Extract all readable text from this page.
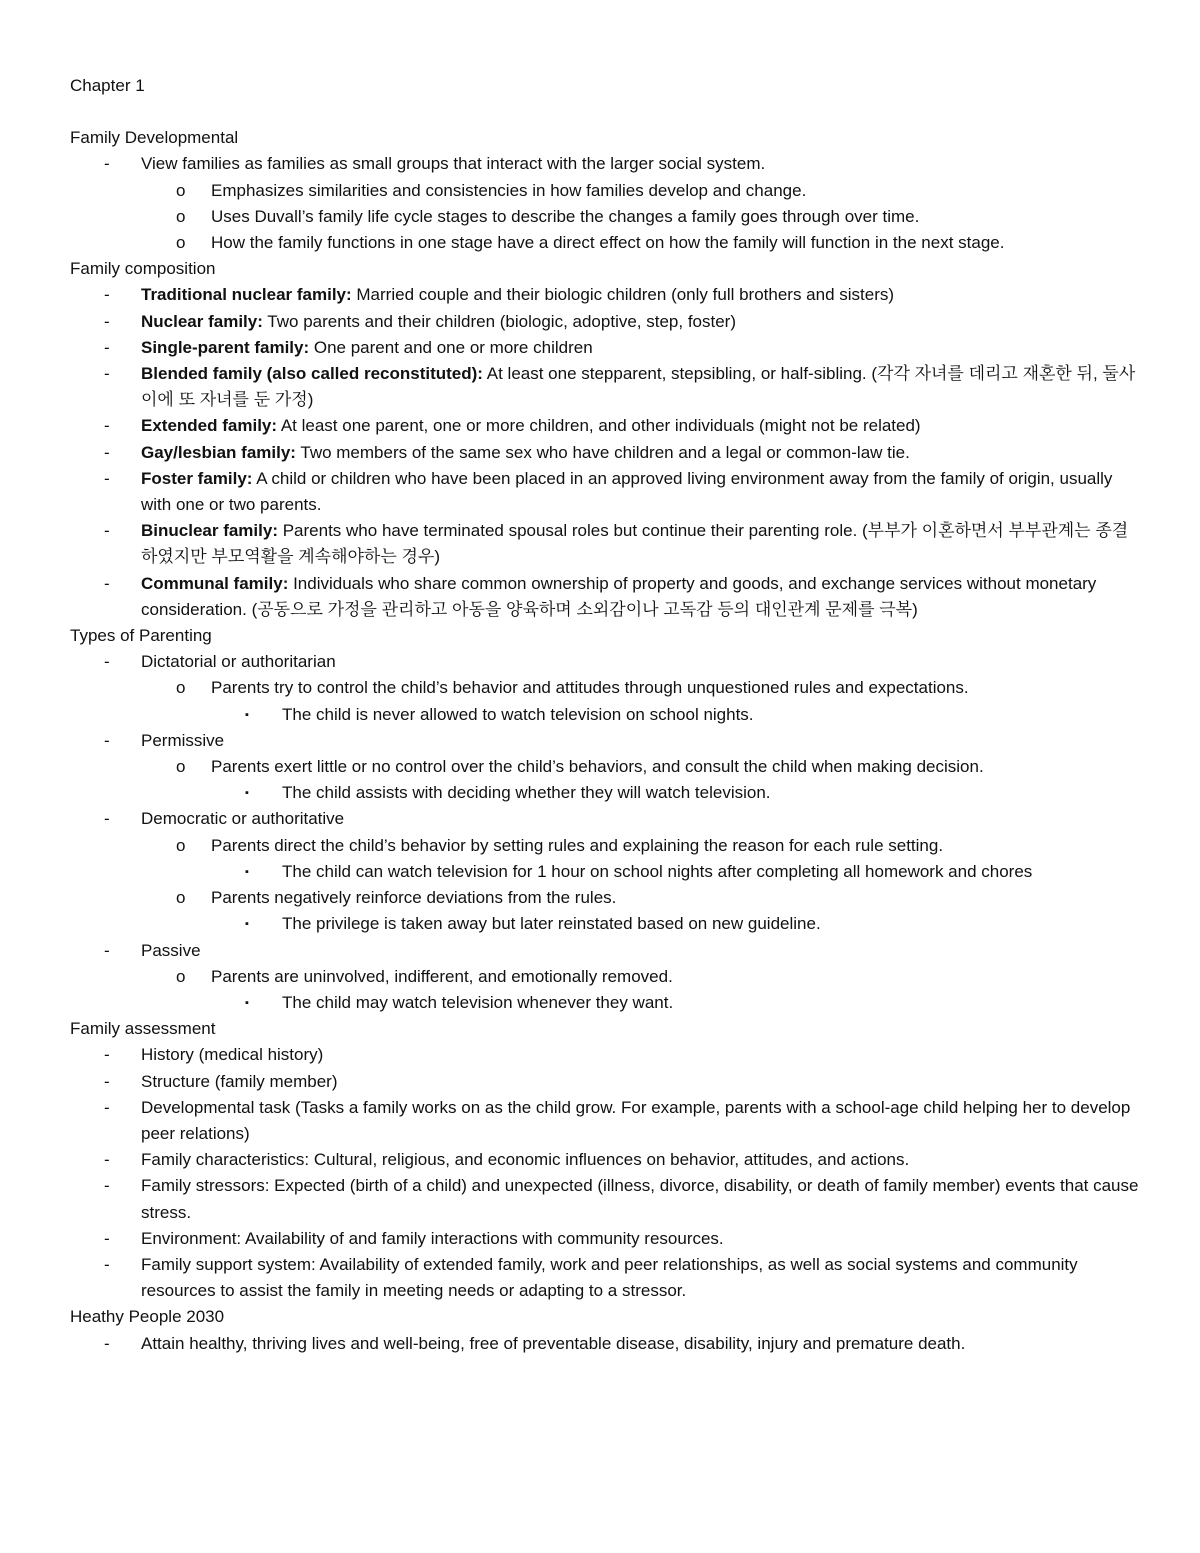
Chapter 1
Family Developmental
- View families as families as small groups that interact with the larger social system.
o Emphasizes similarities and consistencies in how families develop and change.
o Uses Duvall’s family life cycle stages to describe the changes a family goes through over time.
o How the family functions in one stage have a direct effect on how the family will function in the next stage.
Family composition
- Traditional nuclear family: Married couple and their biologic children (only full brothers and sisters)
- Nuclear family: Two parents and their children (biologic, adoptive, step, foster)
- Single-parent family: One parent and one or more children
- Blended family (also called reconstituted): At least one stepparent, stepsibling, or half-sibling. (각각 자녀를 데리고 재혼한 뒤, 둘사이에 또 자녀를 둔 가정)
- Extended family: At least one parent, one or more children, and other individuals (might not be related)
- Gay/lesbian family: Two members of the same sex who have children and a legal or common-law tie.
- Foster family: A child or children who have been placed in an approved living environment away from the family of origin, usually with one or two parents.
- Binuclear family: Parents who have terminated spousal roles but continue their parenting role. (부부가 이혼하면서 부부관계는 종결하였지만 부모역활을 계속해야하는 경우)
- Communal family: Individuals who share common ownership of property and goods, and exchange services without monetary consideration. (공동으로 가정을 관리하고 아동을 양육하며 소외감이나 고독감 등의 대인관계 문제를 극복)
Types of Parenting
- Dictatorial or authoritarian
o Parents try to control the child’s behavior and attitudes through unquestioned rules and expectations.
▪ The child is never allowed to watch television on school nights.
- Permissive
o Parents exert little or no control over the child’s behaviors, and consult the child when making decision.
▪ The child assists with deciding whether they will watch television.
- Democratic or authoritative
o Parents direct the child’s behavior by setting rules and explaining the reason for each rule setting.
▪ The child can watch television for 1 hour on school nights after completing all homework and chores
o Parents negatively reinforce deviations from the rules.
▪ The privilege is taken away but later reinstated based on new guideline.
- Passive
o Parents are uninvolved, indifferent, and emotionally removed.
▪ The child may watch television whenever they want.
Family assessment
- History (medical history)
- Structure (family member)
- Developmental task (Tasks a family works on as the child grow. For example, parents with a school-age child helping her to develop peer relations)
- Family characteristics: Cultural, religious, and economic influences on behavior, attitudes, and actions.
- Family stressors: Expected (birth of a child) and unexpected (illness, divorce, disability, or death of family member) events that cause stress.
- Environment: Availability of and family interactions with community resources.
- Family support system: Availability of extended family, work and peer relationships, as well as social systems and community resources to assist the family in meeting needs or adapting to a stressor.
Heathy People 2030
- Attain healthy, thriving lives and well-being, free of preventable disease, disability, injury and premature death.
